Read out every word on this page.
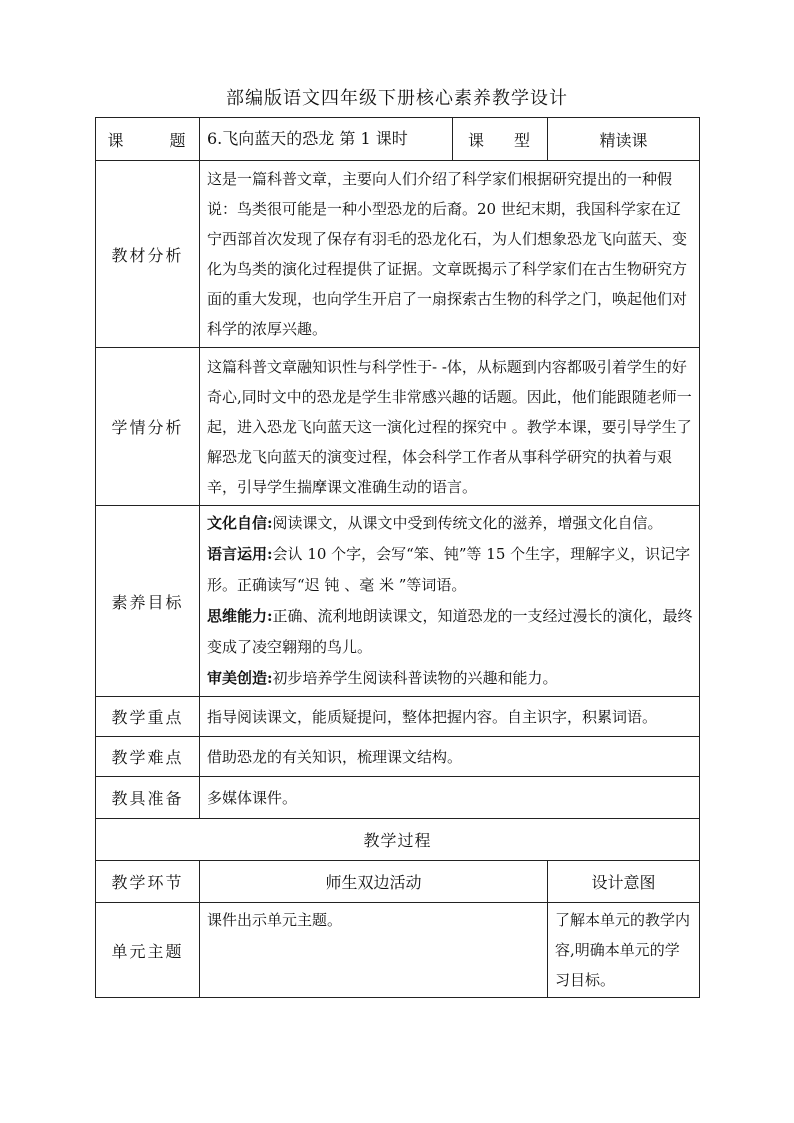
部编版语文四年级下册核心素养教学设计
课 题	6.飞向蓝天的恐龙 第 1 课时	课 型	精读课
教材分析	这是一篇科普文章，主要向人们介绍了科学家们根据研究提出的一种假说：鸟类很可能是一种小型恐龙的后裔。20 世纪末期，我国科学家在辽宁西部首次发现了保存有羽毛的恐龙化石，为人们想象恐龙飞向蓝天、变化为鸟类的演化过程提供了证据。文章既揭示了科学家们在古生物研究方面的重大发现，也向学生开启了一扇探索古生物的科学之门，唤起他们对科学的浓厚兴趣。		
学情分析	这篇科普文章融知识性与科学性于- -体，从标题到内容都吸引着学生的好奇心,同时文中的恐龙是学生非常感兴趣的话题。因此，他们能跟随老师一起，进入恐龙飞向蓝天这一演化过程的探究中 。教学本课，要引导学生了解恐龙飞向蓝天的演变过程，体会科学工作者从事科学研究的执着与艰辛，引导学生揣摩课文准确生动的语言。		
素养目标	文化自信:阅读课文，从课文中受到传统文化的滋养，增强文化自信。
语言运用:会认 10 个字，会写“笨、钝”等 15 个生字，理解字义，识记字形。正确读写“迟 钝 、毫 米 ”等词语。
思维能力:正确、流利地朗读课文，知道恐龙的一支经过漫长的演化，最终变成了凌空翱翔的鸟儿。
审美创造:初步培养学生阅读科普读物的兴趣和能力。		

教学重点	指导阅读课文，能质疑提问，整体把握内容。自主识字，积累词语。		
教学难点	借助恐龙的有关知识，梳理课文结构。		
教具准备	多媒体课件。		
教学过程			
教学环节	师生双边活动		设计意图
单元主题	课件出示单元主题。		了解本单元的教学内容,明确本单元的学习目标。
